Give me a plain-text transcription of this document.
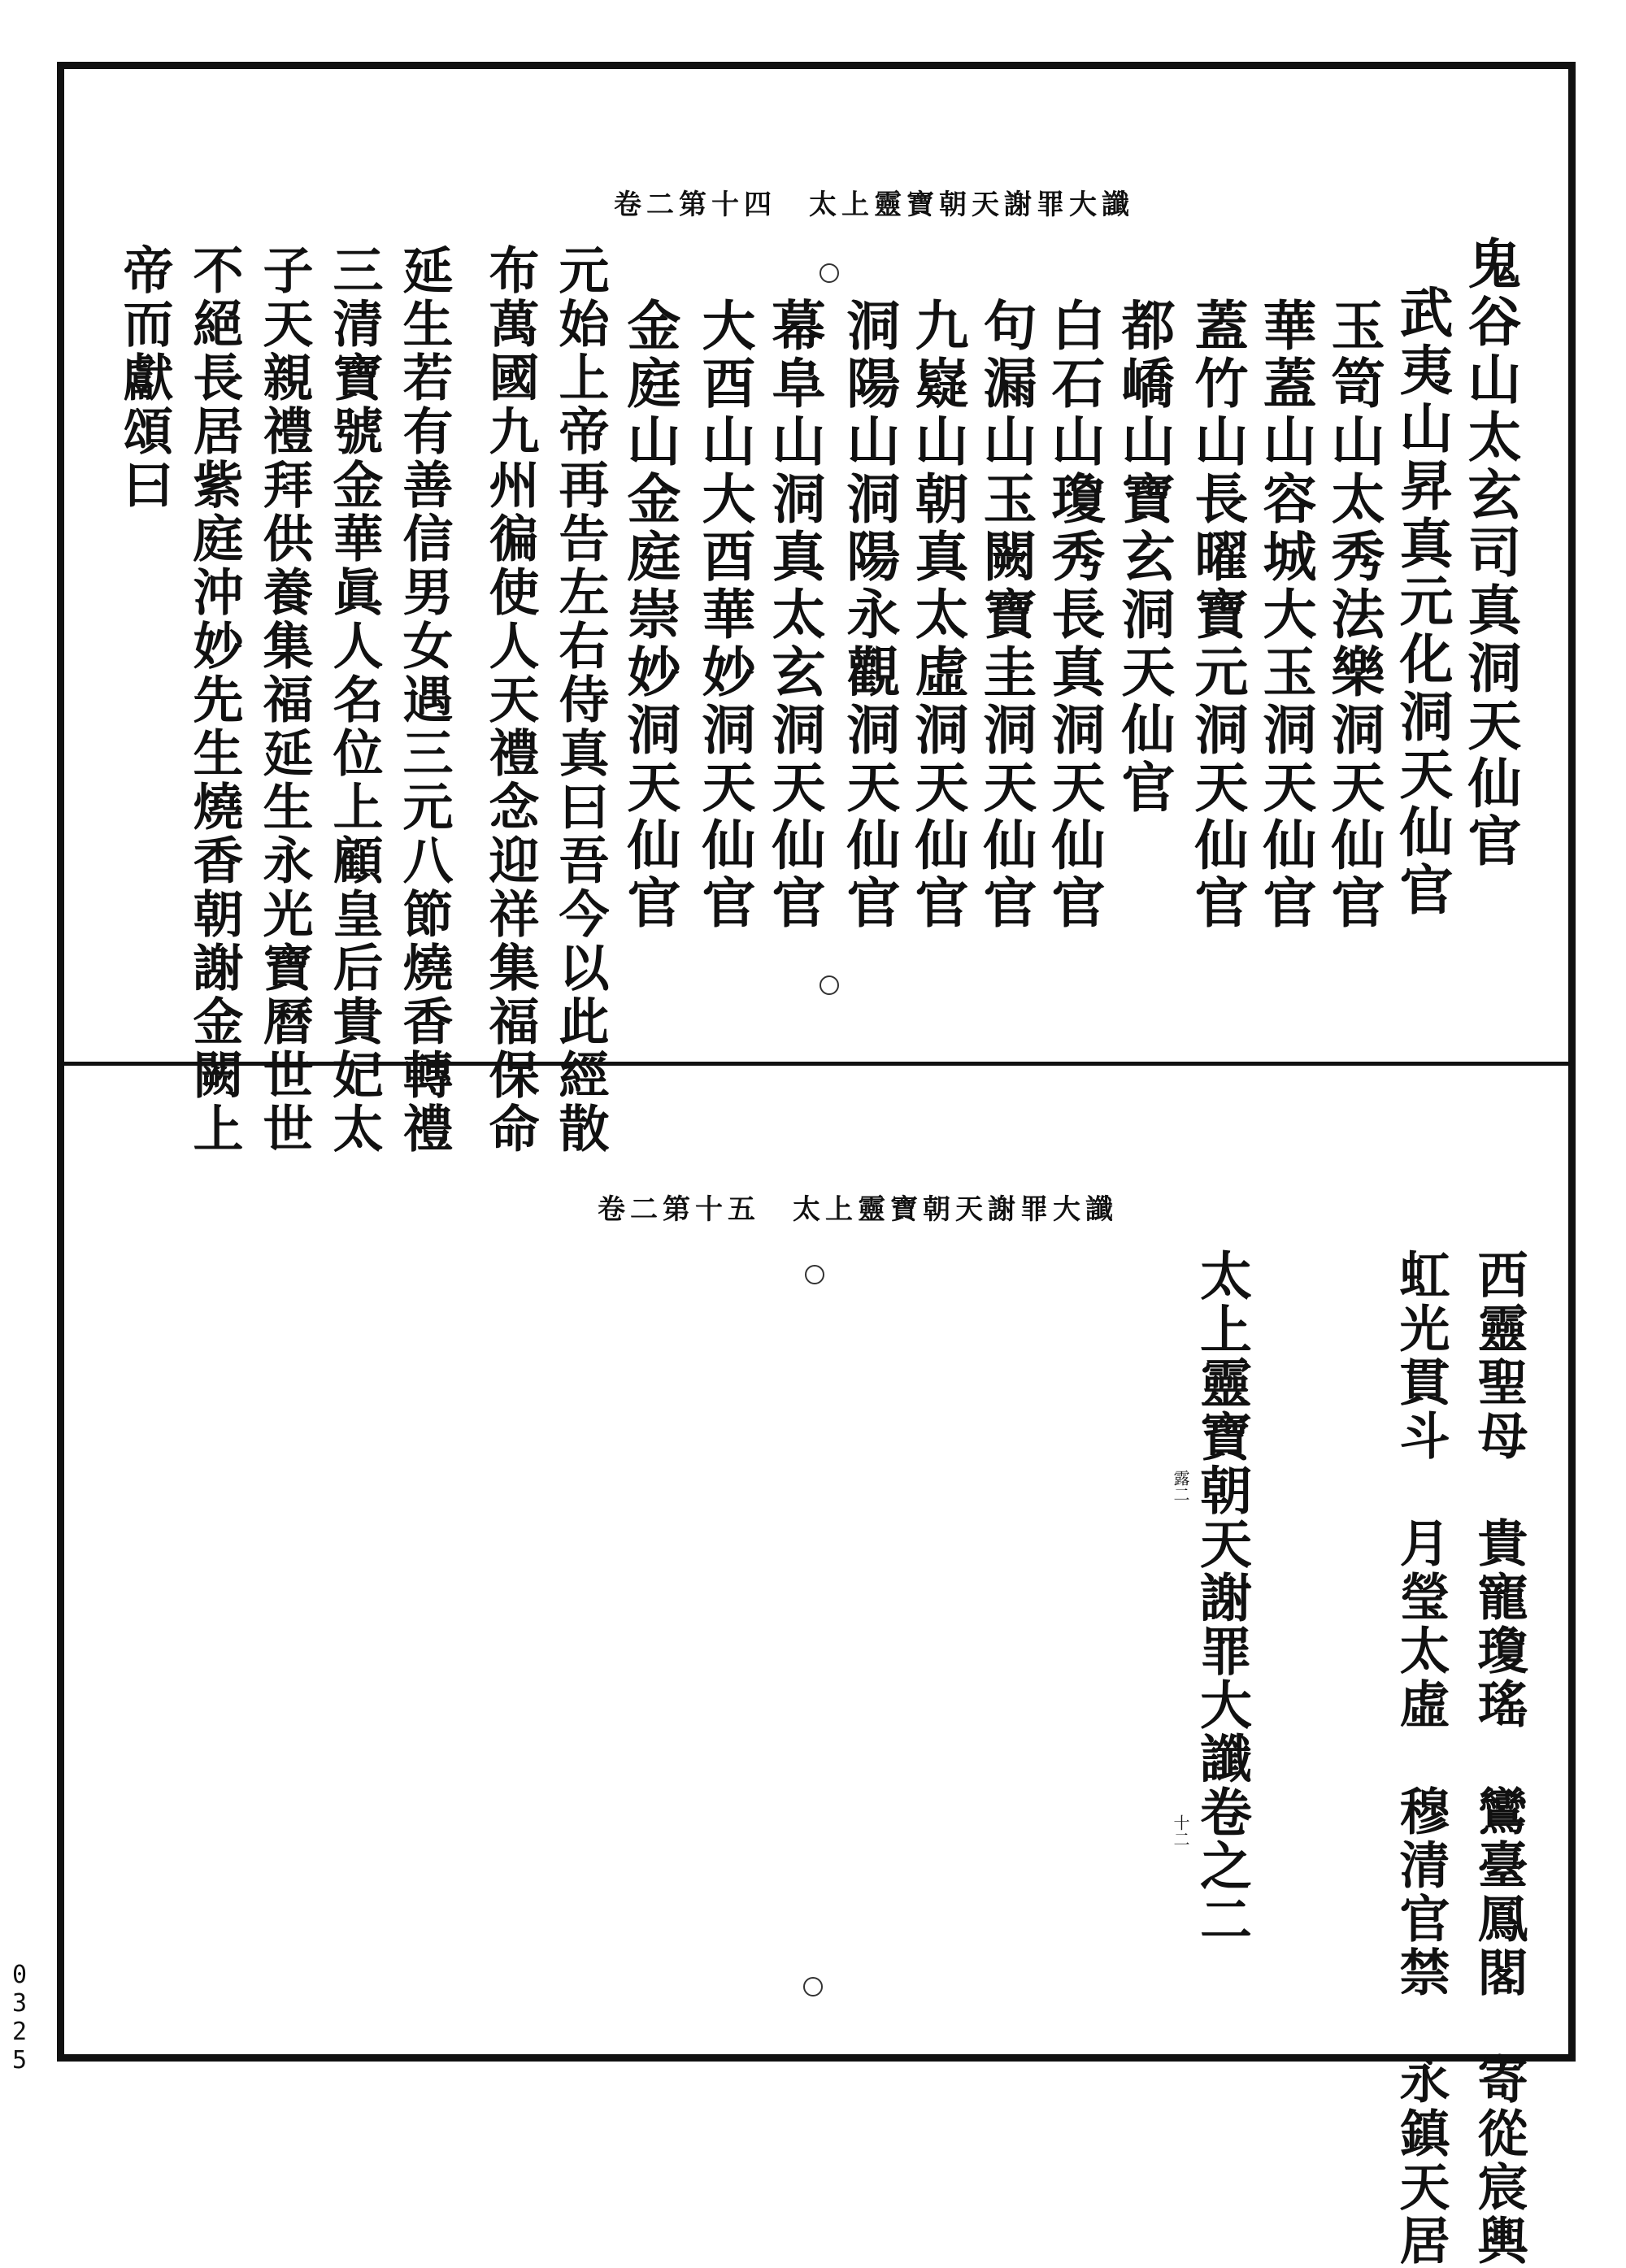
卷二第十四 太上靈寶朝天謝罪大讖
鬼谷山太玄司真洞天仙官
武夷山昇真元化洞天仙官
玉笥山太秀法樂洞天仙官
華蓋山容城大玉洞天仙官
蓋竹山長曜寶元洞天仙官
都嶠山寶玄洞天仙官
白石山瓊秀長真洞天仙官
句漏山玉闕寶圭洞天仙官
九嶷山朝真太虛洞天仙官
洞陽山洞陽永觀洞天仙官
幕阜山洞真太玄洞天仙官
大酉山大酉華妙洞天仙官
金庭山金庭崇妙洞天仙官
元始上帝再告左右侍真曰吾今以此經散
布萬國九州徧使人天禮念迎祥集福保命
延生若有善信男女遇三元八節燒香轉禮
三清寶號金華眞人名位上顧皇后貴妃太
子天親禮拜供養集福延生永光寶曆世世
不絕長居紫庭沖妙先生燒香朝謝金闕上
帝而獻頌曰
卷二第十五 太上靈寶朝天謝罪大讖
西靈聖母　貴寵瓊瑤　鸞臺鳳閣　寄從宸輿
虹光貫斗　月瑩太虛　穆清官禁　永鎮天居
太上靈寶朝天謝罪大讖卷之二
露二
十二
0325
